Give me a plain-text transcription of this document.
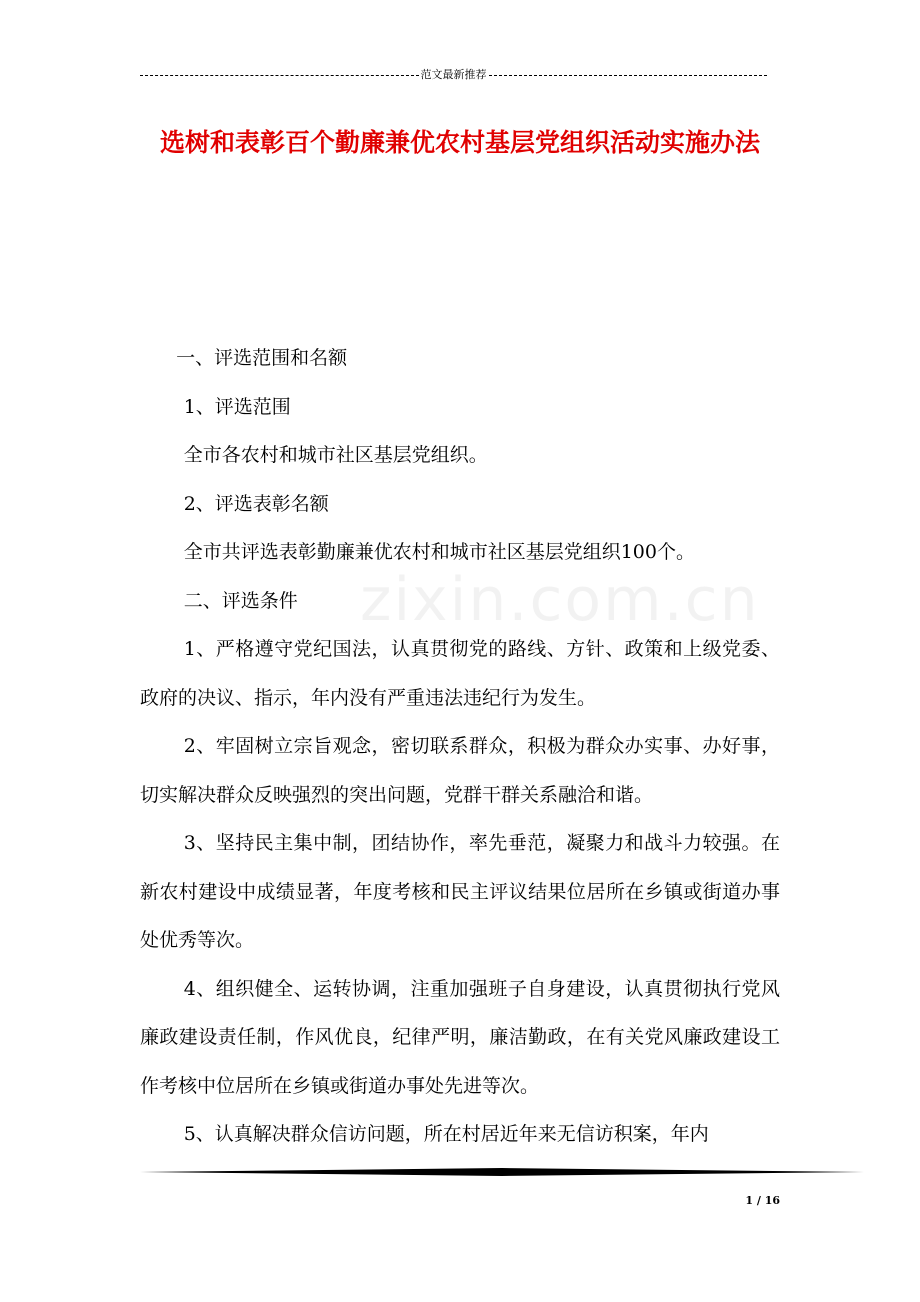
范文最新推荐
选树和表彰百个勤廉兼优农村基层党组织活动实施办法
zixin.com.cn

一、评选范围和名额

1、评选范围

全市各农村和城市社区基层党组织。

2、评选表彰名额

全市共评选表彰勤廉兼优农村和城市社区基层党组织100个。

二、评选条件

1、严格遵守党纪国法，认真贯彻党的路线、方针、政策和上级党委、政府的决议、指示，年内没有严重违法违纪行为发生。

2、牢固树立宗旨观念，密切联系群众，积极为群众办实事、办好事，切实解决群众反映强烈的突出问题，党群干群关系融洽和谐。

3、坚持民主集中制，团结协作，率先垂范，凝聚力和战斗力较强。在新农村建设中成绩显著，年度考核和民主评议结果位居所在乡镇或街道办事处优秀等次。

4、组织健全、运转协调，注重加强班子自身建设，认真贯彻执行党风廉政建设责任制，作风优良，纪律严明，廉洁勤政，在有关党风廉政建设工作考核中位居所在乡镇或街道办事处先进等次。

5、认真解决群众信访问题，所在村居近年来无信访积案，年内

1 / 16
